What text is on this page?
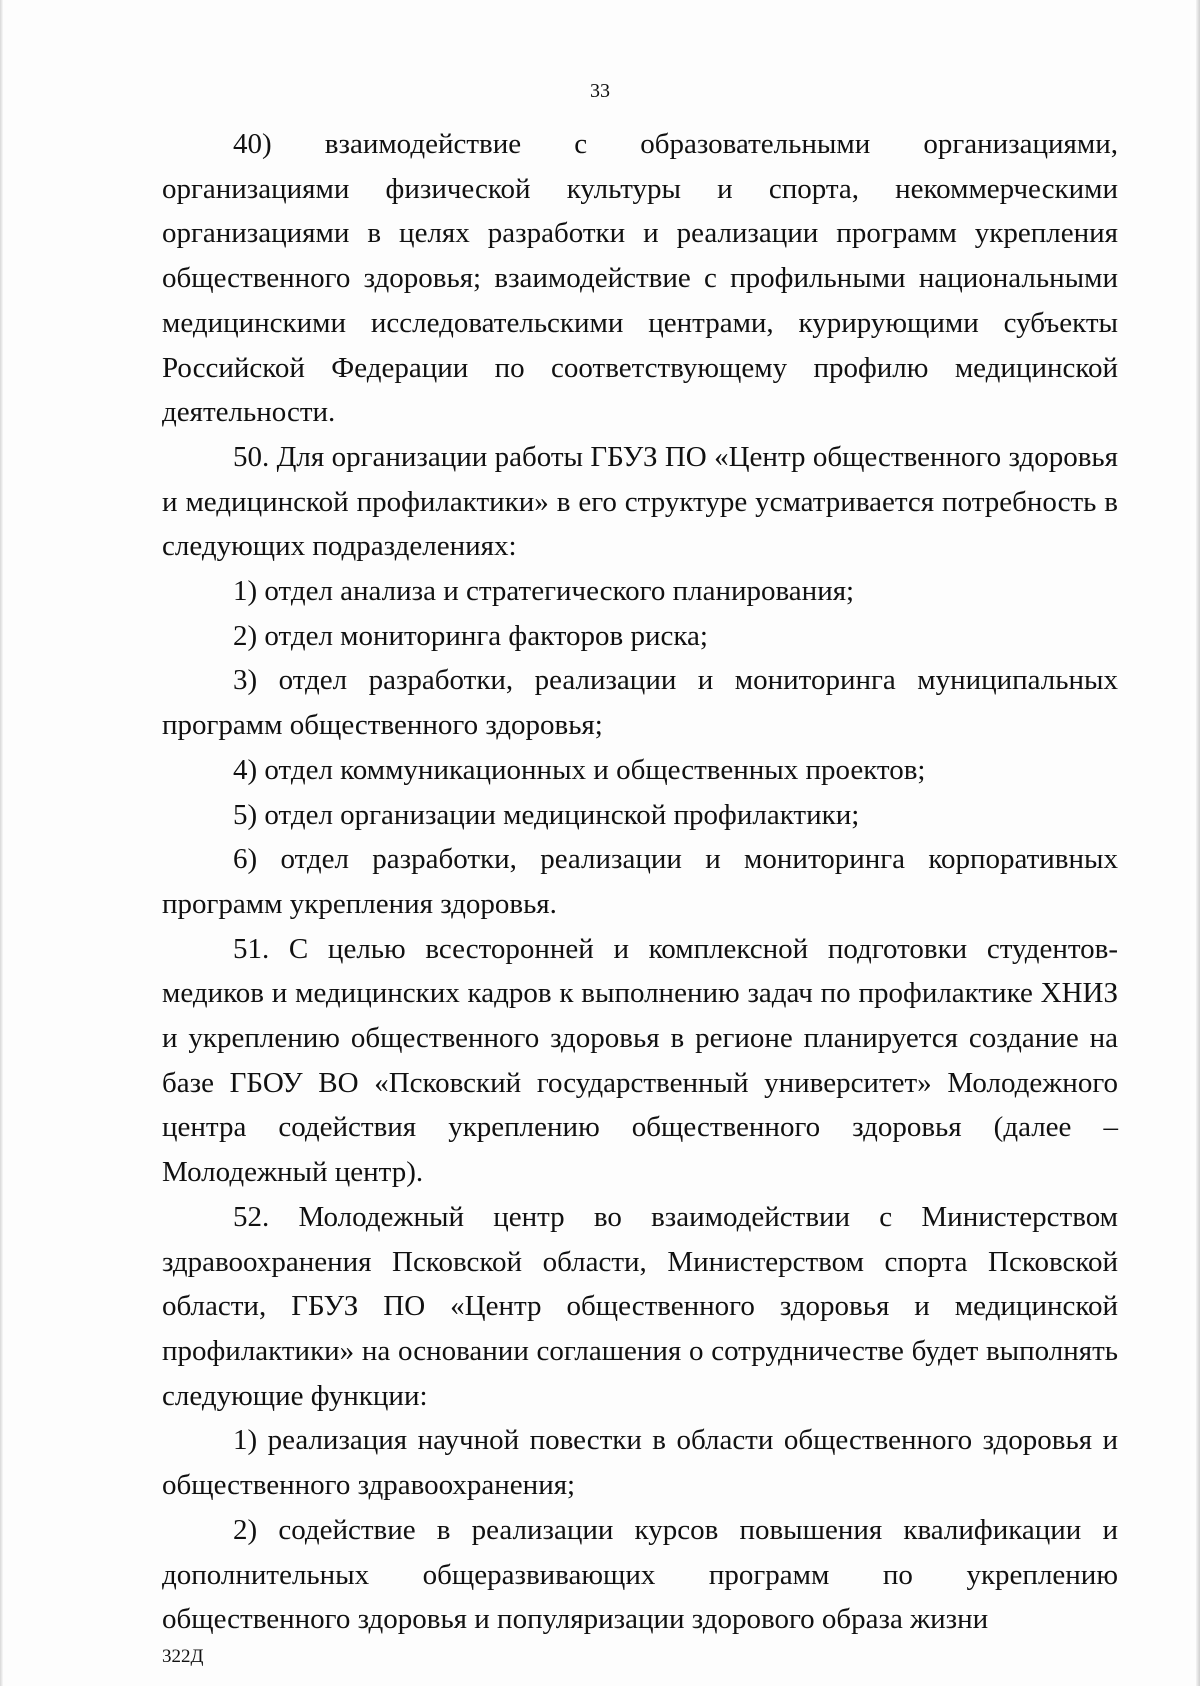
33

40) взаимодействие с образовательными организациями, организациями физической культуры и спорта, некоммерческими организациями в целях разработки и реализации программ укрепления общественного здоровья; взаимодействие с профильными национальными медицинскими исследовательскими центрами, курирующими субъекты Российской Федерации по соответствующему профилю медицинской деятельности.

50. Для организации работы ГБУЗ ПО «Центр общественного здоровья и медицинской профилактики» в его структуре усматривается потребность в следующих подразделениях:

1) отдел анализа и стратегического планирования;

2) отдел мониторинга факторов риска;

3) отдел разработки, реализации и мониторинга муниципальных программ общественного здоровья;

4) отдел коммуникационных и общественных проектов;

5) отдел организации медицинской профилактики;

6) отдел разработки, реализации и мониторинга корпоративных программ укрепления здоровья.

51. С целью всесторонней и комплексной подготовки студентов-медиков и медицинских кадров к выполнению задач по профилактике ХНИЗ и укреплению общественного здоровья в регионе планируется создание на базе ГБОУ ВО «Псковский государственный университет» Молодежного центра содействия укреплению общественного здоровья (далее – Молодежный центр).

52. Молодежный центр во взаимодействии с Министерством здравоохранения Псковской области, Министерством спорта Псковской области, ГБУЗ ПО «Центр общественного здоровья и медицинской профилактики» на основании соглашения о сотрудничестве будет выполнять следующие функции:

1) реализация научной повестки в области общественного здоровья и общественного здравоохранения;

2) содействие в реализации курсов повышения квалификации и дополнительных общеразвивающих программ по укреплению общественного здоровья и популяризации здорового образа жизни

322Д
